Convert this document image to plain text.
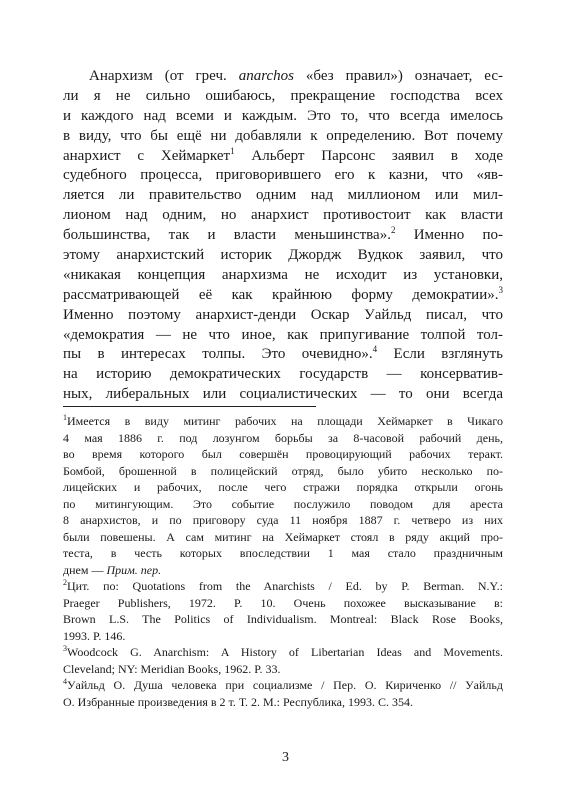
Анархизм (от греч. anarchos «без правил») означает, ес-
ли я не сильно ошибаюсь, прекращение господства всех
и каждого над всеми и каждым. Это то, что всегда имелось
в виду, что бы ещё ни добавляли к определению. Вот почему
анархист с Хеймаркет$^1$ Альберт Парсонс заявил в ходе
судебного процесса, приговорившего его к казни, что «яв-
ляется ли правительство одним над миллионом или мил-
лионом над одним, но анархист противостоит как власти
большинства, так и власти меньшинства».$^2$ Именно по-
этому анархистский историк Джордж Вудкок заявил, что
«никакая концепция анархизма не исходит из установки,
рассматривающей её как крайнюю форму демократии».$^3$
Именно поэтому анархист-денди Оскар Уайльд писал, что
«демократия — не что иное, как припугивание толпой тол-
пы в интересах толпы. Это очевидно».$^4$ Если взглянуть
на историю демократических государств — консерватив-
ных, либеральных или социалистических — то они всегда
$^1$Имеется в виду митинг рабочих на площади Хеймаркет в Чикаго
4 мая 1886 г. под лозунгом борьбы за 8-часовой рабочий день,
во время которого был совершён провоцирующий рабочих теракт.
Бомбой, брошенной в полицейский отряд, было убито несколько по-
лицейских и рабочих, после чего стражи порядка открыли огонь
по митингующим. Это событие послужило поводом для ареста
8 анархистов, и по приговору суда 11 ноября 1887 г. четверо из них
были повешены. А сам митинг на Хеймаркет стоял в ряду акций про-
теста, в честь которых впоследствии 1 мая стало праздничным
днем — Прим. пер.
$^2$Цит. по: Quotations from the Anarchists / Ed. by P. Berman. N.Y.:
Praeger Publishers, 1972. P. 10. Очень похожее высказывание в:
Brown L.S. The Politics of Individualism. Montreal: Black Rose Books,
1993. P. 146.
$^3$Woodcock G. Anarchism: A History of Libertarian Ideas and Movements.
Cleveland; NY: Meridian Books, 1962. P. 33.
$^4$Уайльд О. Душа человека при социализме / Пер. О. Кириченко // Уайльд
О. Избранные произведения в 2 т. Т. 2. М.: Республика, 1993. С. 354.
3
